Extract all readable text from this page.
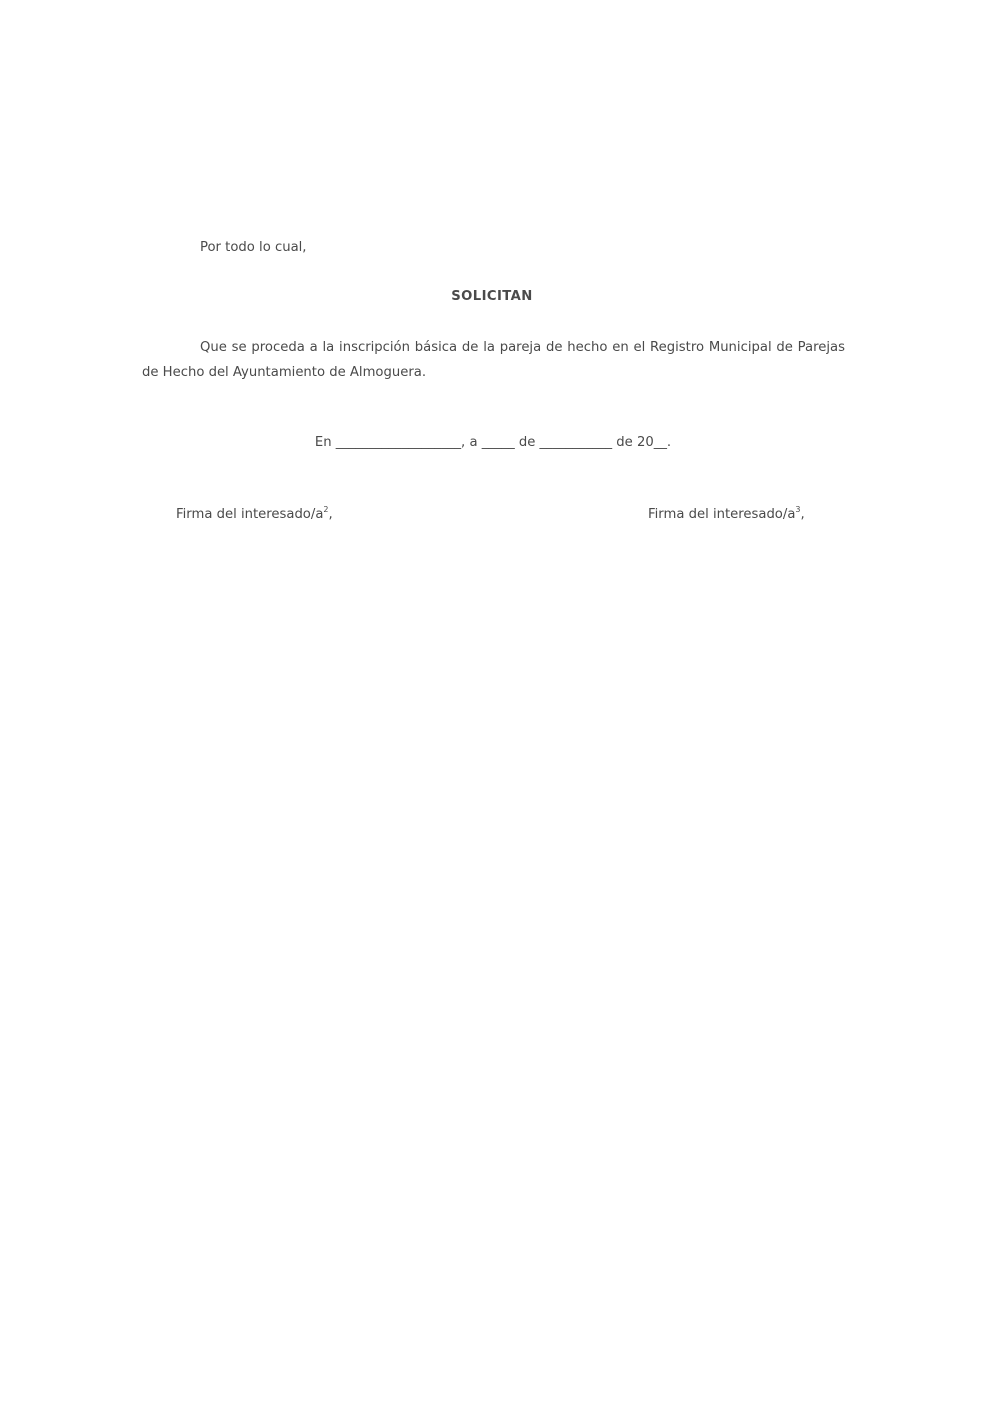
Por todo lo cual,
SOLICITAN
Que se proceda a la inscripción básica de la pareja de hecho en el Registro Municipal de Parejas de Hecho del Ayuntamiento de Almoguera.
En ___________________, a _____ de ___________ de 20__.
Firma del interesado/$a^2$,	Firma del interesado/$a^3$,
